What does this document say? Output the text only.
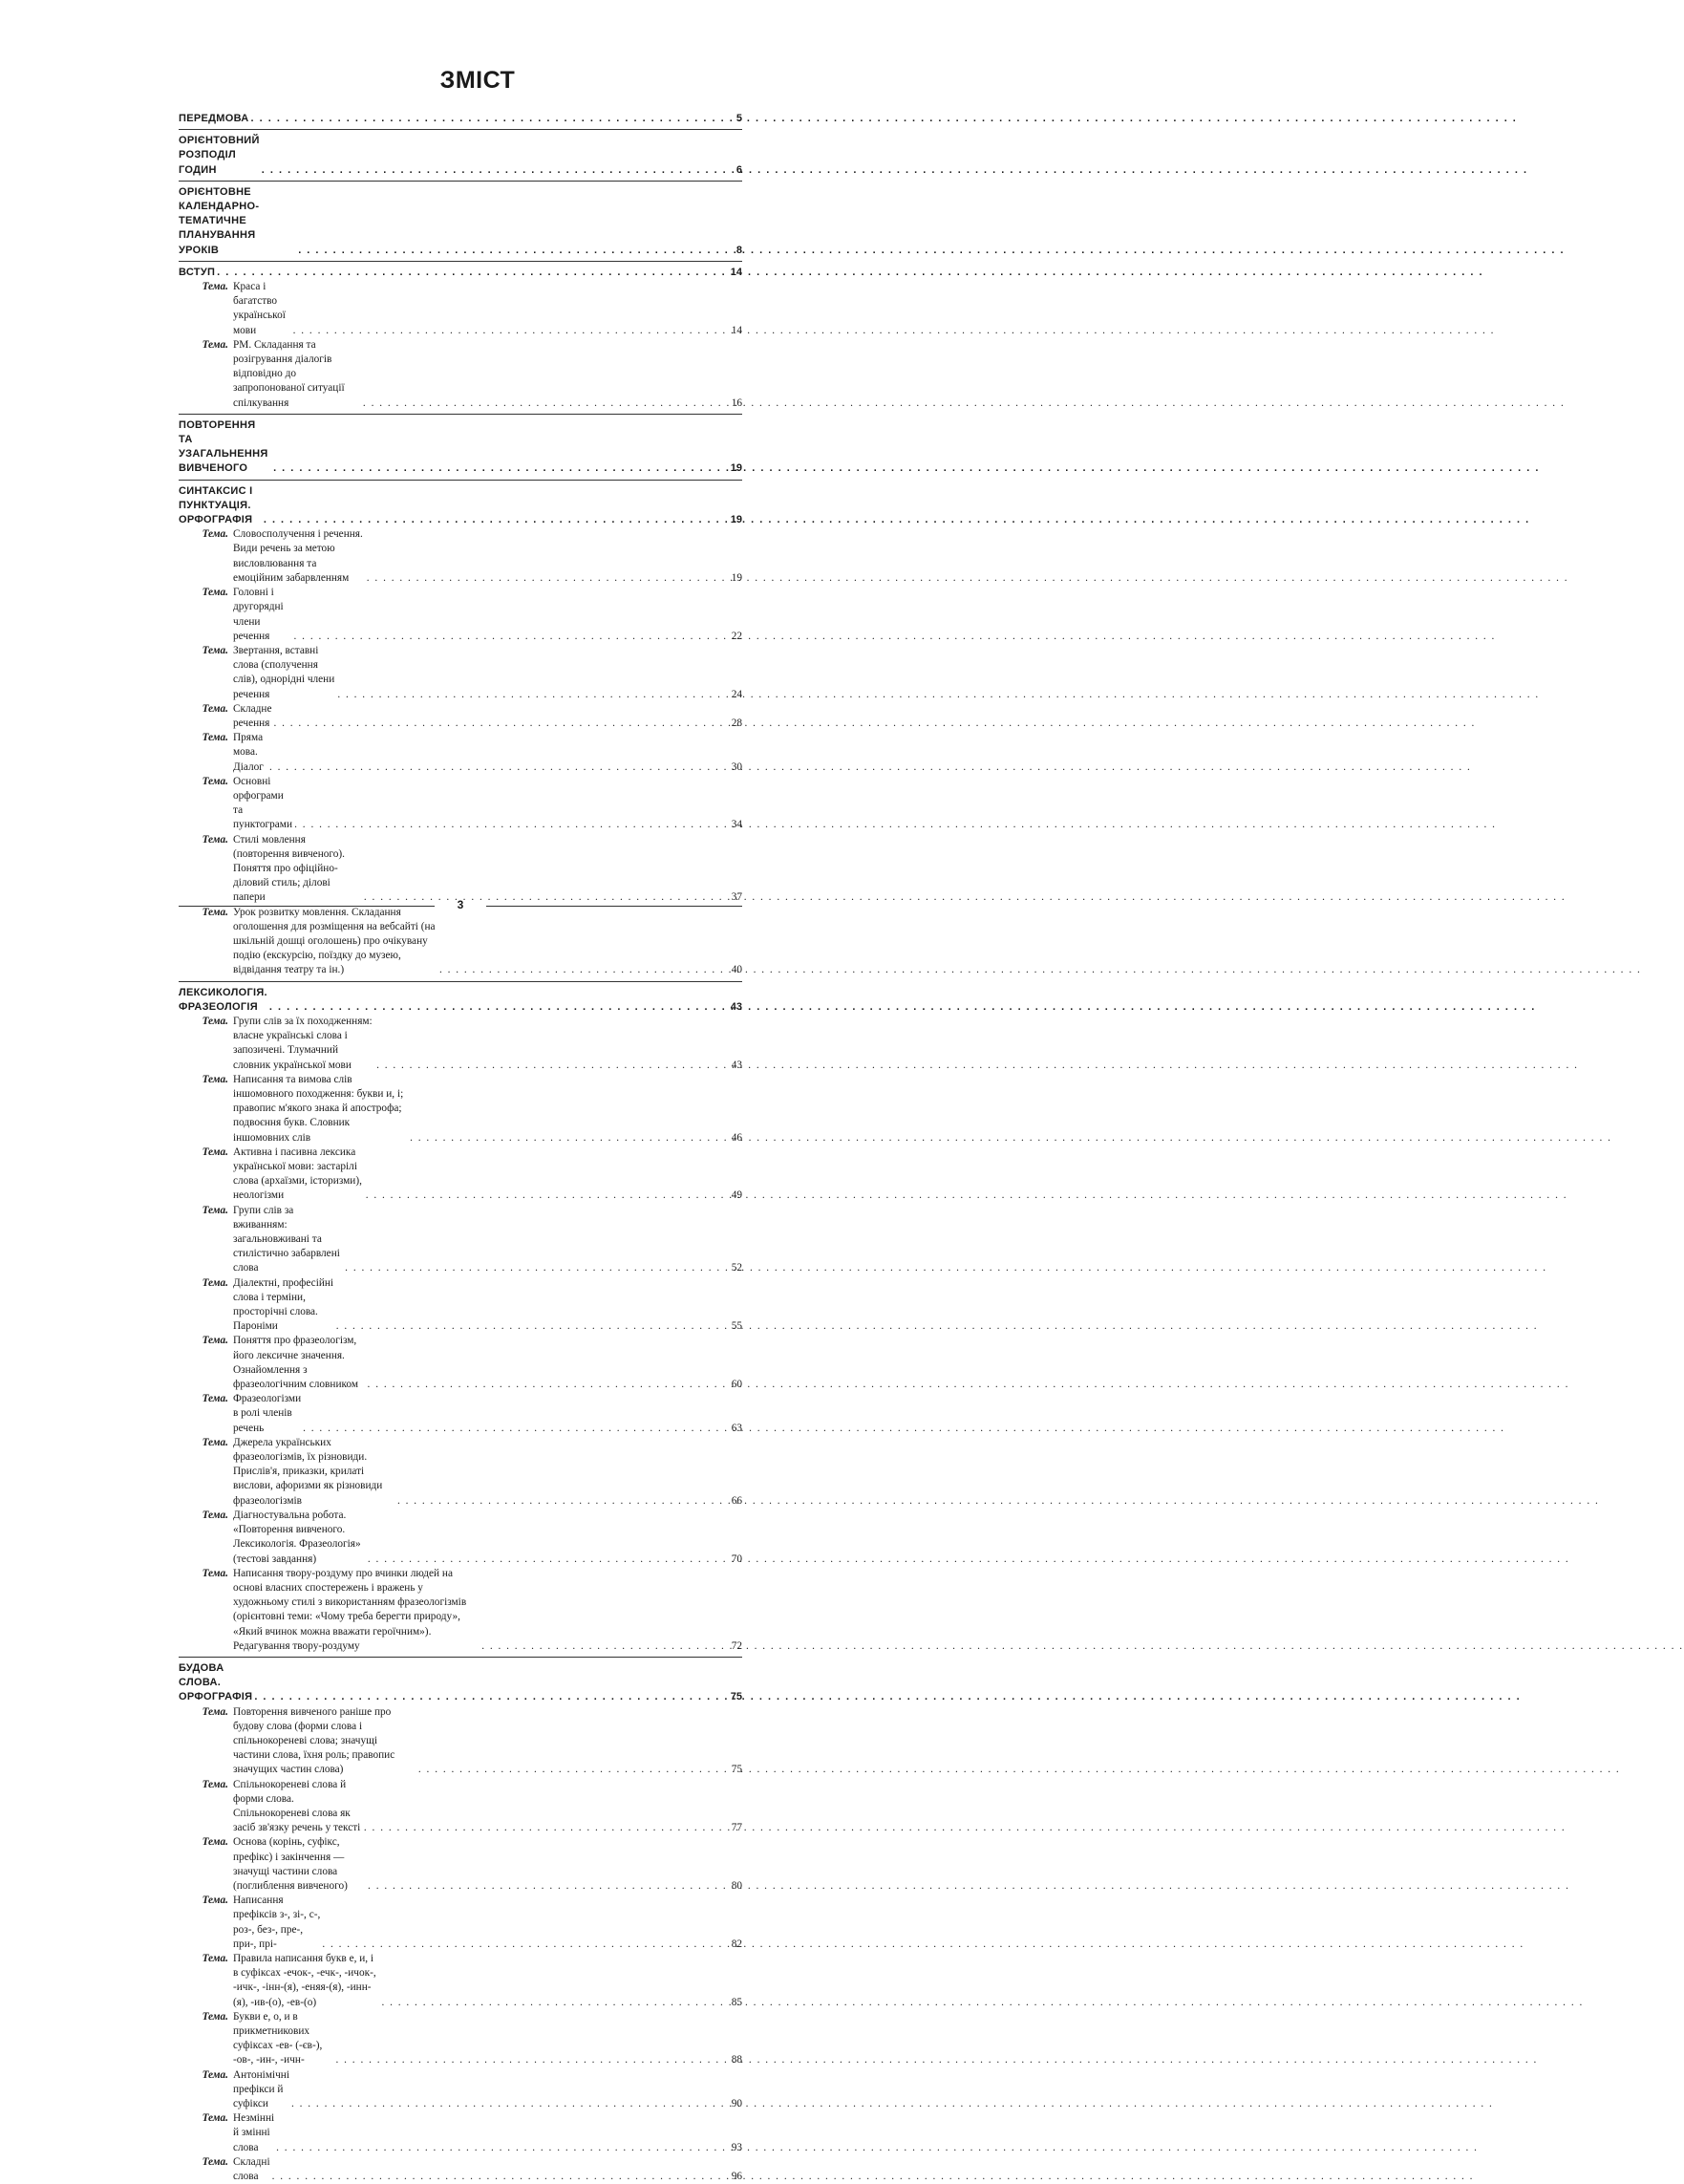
ЗМІСТ
ПЕРЕДМОВА . . .	5
ОРІЄНТОВНИЙ РОЗПОДІЛ ГОДИН . . .	6
ОРІЄНТОВНЕ КАЛЕНДАРНО-ТЕМАТИЧНЕ ПЛАНУВАННЯ УРОКІВ . . .	8
ВСТУП . . .	14
Тема. Краса і багатство української мови . . .	14
Тема. РМ. Складання та розігрування діалогів відповідно до запропонованої ситуації спілкування . . .	16
ПОВТОРЕННЯ ТА УЗАГАЛЬНЕННЯ ВИВЧЕНОГО . . .	19
СИНТАКСИС І ПУНКТУАЦІЯ. ОРФОГРАФІЯ . . .	19
Тема. Словосполучення і речення. Види речень за метою висловлювання та емоційним забарвленням . . .	19
Тема. Головні і другорядні члени речення . . .	22
Тема. Звертання, вставні слова (сполучення слів), однорідні члени речення . . .	24
Тема. Складне речення . . .	28
Тема. Пряма мова. Діалог . . .	30
Тема. Основні орфограми та пунктограми . . .	34
Тема. Стилі мовлення (повторення вивченого). Поняття про офіційно-діловий стиль; ділові папери . . .	37
Тема. Урок розвитку мовлення. Складання оголошення для розміщення на вебсайті (на шкільній дошці оголошень) про очікувану подію (екскурсію, поїздку до музею, відвідання театру та ін.) . . .	40
ЛЕКСИКОЛОГІЯ. ФРАЗЕОЛОГІЯ . . .	43
Тема. Групи слів за їх походженням: власне українські слова і запозичені. Тлумачний словник української мови . . .	43
Тема. Написання та вимова слів іншомовного походження: букви и, і; правопис м'якого знака й апострофа; подвоєння букв. Словник іншомовних слів . . .	46
Тема. Активна і пасивна лексика української мови: застарілі слова (архаїзми, історизми), неологізми . . .	49
Тема. Групи слів за вживанням: загальновживані та стилістично забарвлені слова . . .	52
Тема. Діалектні, професійні слова і терміни, просторічні слова. Пароніми . . .	55
Тема. Поняття про фразеологізм, його лексичне значення. Ознайомлення з фразеологічним словником . . .	60
Тема. Фразеологізми в ролі членів речень . . .	63
Тема. Джерела українських фразеологізмів, їх різновиди. Прислів'я, приказки, крилаті вислови, афоризми як різновиди фразеологізмів . . .	66
Тема. Діагностувальна робота. «Повторення вивченого. Лексикологія. Фразеологія» (тестові завдання) . . .	70
Тема. Написання твору-роздуму про вчинки людей на основі власних спостережень і вражень у художньому стилі з використанням фразеологізмів (орієнтовні теми: «Чому треба берегти природу», «Який вчинок можна вважати героїчним»). Редагування твору-роздуму . . .	72
БУДОВА СЛОВА. ОРФОГРАФІЯ . . .	75
Тема. Повторення вивченого раніше про будову слова (форми слова і спільнокореневі слова; значущі частини слова, їхня роль; правопис значущих частин слова) . . .	75
Тема. Спільнокореневі слова й форми слова. Спільнокореневі слова як засіб зв'язку речень у тексті . . .	77
Тема. Основа (корінь, суфікс, префікс) і закінчення — значущі частини слова (поглиблення вивченого) . . .	80
Тема. Написання префіксів з-, зі-, с-, роз-, без-, пре-, при-, прі- . . .	82
Тема. Правила написання букв е, и, і в суфіксах -ечок-, -ечк-, -ичок-, -ичк-, -інн-(я), -еняя-(я), -инн-(я), -ив-(о), -ев-(о) . . .	85
Тема. Букви е, о, и в прикметникових суфіксах -ев- (-єв-), -ов-, -ин-, -ичн- . . .	88
Тема. Антонімічні префікси й суфікси . . .	90
Тема. Незмінні й змінні слова . . .	93
Тема. Складні слова . . .	96
3
